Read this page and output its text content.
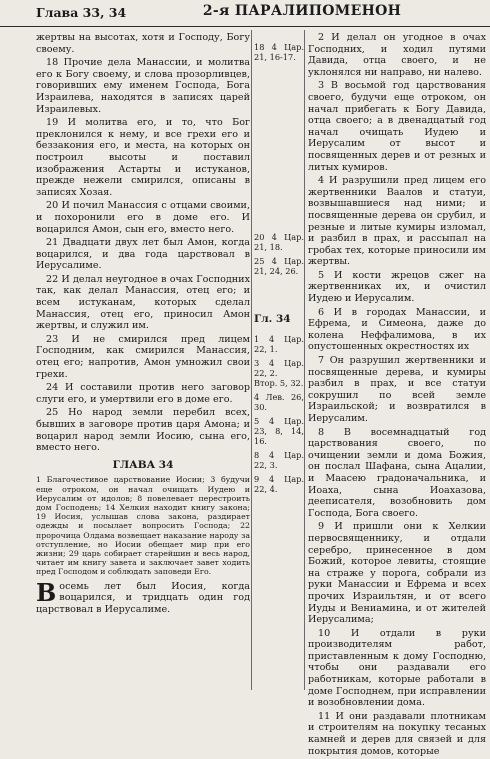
Глава 33, 34	2-я ПАРАЛИПОМЕНОН

жертвы на высотах, хотя и Господу, Богу своему.

18 Прочие дела Манассии, и молитва его к Богу своему, и слова прозорливцев, говоривших ему именем Господа, Бога Израилева, находятся в записях царей Израилевых.

19 И молитва его, и то, что Бог преклонился к нему, и все грехи его и беззакония его, и места, на которых он построил высоты и поставил изображения Астарты и истуканов, прежде нежели смирился, описаны в записях Хозая.

20 И почил Манассия с отцами своими, и похоронили его в доме его. И воцарился Амон, сын его, вместо него.

21 Двадцати двух лет был Амон, когда воцарился, и два года царствовал в Иерусалиме.

22 И делал неугодное в очах Господних так, как делал Манассия, отец его; и всем истуканам, которых сделал Манассия, отец его, приносил Амон жертвы, и служил им.

23 И не смирился пред лицем Господним, как смирился Манассия, отец его; напротив, Амон умножил свои грехи.

24 И составили против него заговор слуги его, и умертвили его в доме его.

25 Но народ земли перебил всех, бывших в заговоре против царя Амона; и воцарил народ земли Иосию, сына его, вместо него.

ГЛАВА 34
1 Благочестивое царствование Иосии; 3 будучи еще отроком, он начал очищать Иудею и Иерусалим от идолов; 8 повелевает перестроить дом Господень; 14 Хелкия находит книгу закона; 19 Иосия, услышав слова закона, раздирает одежды и посылает вопросить Господа; 22 пророчица Олдама возвещает наказание народу за отступление, но Иосии обещает мир при его жизни; 29 царь собирает старейшин и весь народ, читает им книгу завета и заключает завет ходить пред Господом и соблюдать заповеди Его.

Восемь лет был Иосия, когда воцарился, и тридцать один год царствовал в Иерусалиме.

18 4 Цар. 21, 16-17.
20 4 Цар. 21, 18.
25 4 Цар. 21, 24, 26.
Гл. 34
1 4 Цар. 22, 1.
3 4 Цар. 22, 2.
Втор. 5, 32.
4 Лев. 26, 30.
5 4 Цар. 23, 8, 14, 16.
8 4 Цар. 22, 3.
9 4 Цар. 22, 4.

2 И делал он угодное в очах Господних, и ходил путями Давида, отца своего, и не уклонялся ни направо, ни налево.

3 В восьмой год царствования своего, будучи еще отроком, он начал прибегать к Богу Давида, отца своего; а в двенадцатый год начал очищать Иудею и Иерусалим от высот и посвященных дерев и от резных и литых кумиров.

4 И разрушили пред лицем его жертвенники Ваалов и статуи, возвышавшиеся над ними; и посвященные дерева он срубил, и резные и литые кумиры изломал, и разбил в прах, и рассыпал на гробах тех, которые приносили им жертвы.

5 И кости жрецов сжег на жертвенниках их, и очистил Иудею и Иерусалим.

6 И в городах Манассии, и Ефрема, и Симеона, даже до колена Неффалимова, в их опустошенных окрестностях их

7 Он разрушил жертвенники и посвященные дерева, и кумиры разбил в прах, и все статуи сокрушил по всей земле Израильской; и возвратился в Иерусалим.

8 В восемнадцатый год царствования своего, по очищении земли и дома Божия, он послал Шафана, сына Ацалии, и Маасею градоначальника, и Иоаха, сына Иоахазова, дееписателя, возобновить дом Господа, Бога своего.

9 И пришли они к Хелкии первосвященнику, и отдали серебро, принесенное в дом Божий, которое левиты, стоящие на страже у порога, собрали из руки Манассии и Ефрема и всех прочих Израильтян, и от всего Иуды и Вениамина, и от жителей Иерусалима;

10 И отдали в руки производителям работ, приставленным к дому Господню, чтобы они раздавали его работникам, которые работали в доме Господнем, при исправлении и возобновлении дома.

11 И они раздавали плотникам и строителям на покупку тесаных камней и дерев для связей и для покрытия домов, которые
